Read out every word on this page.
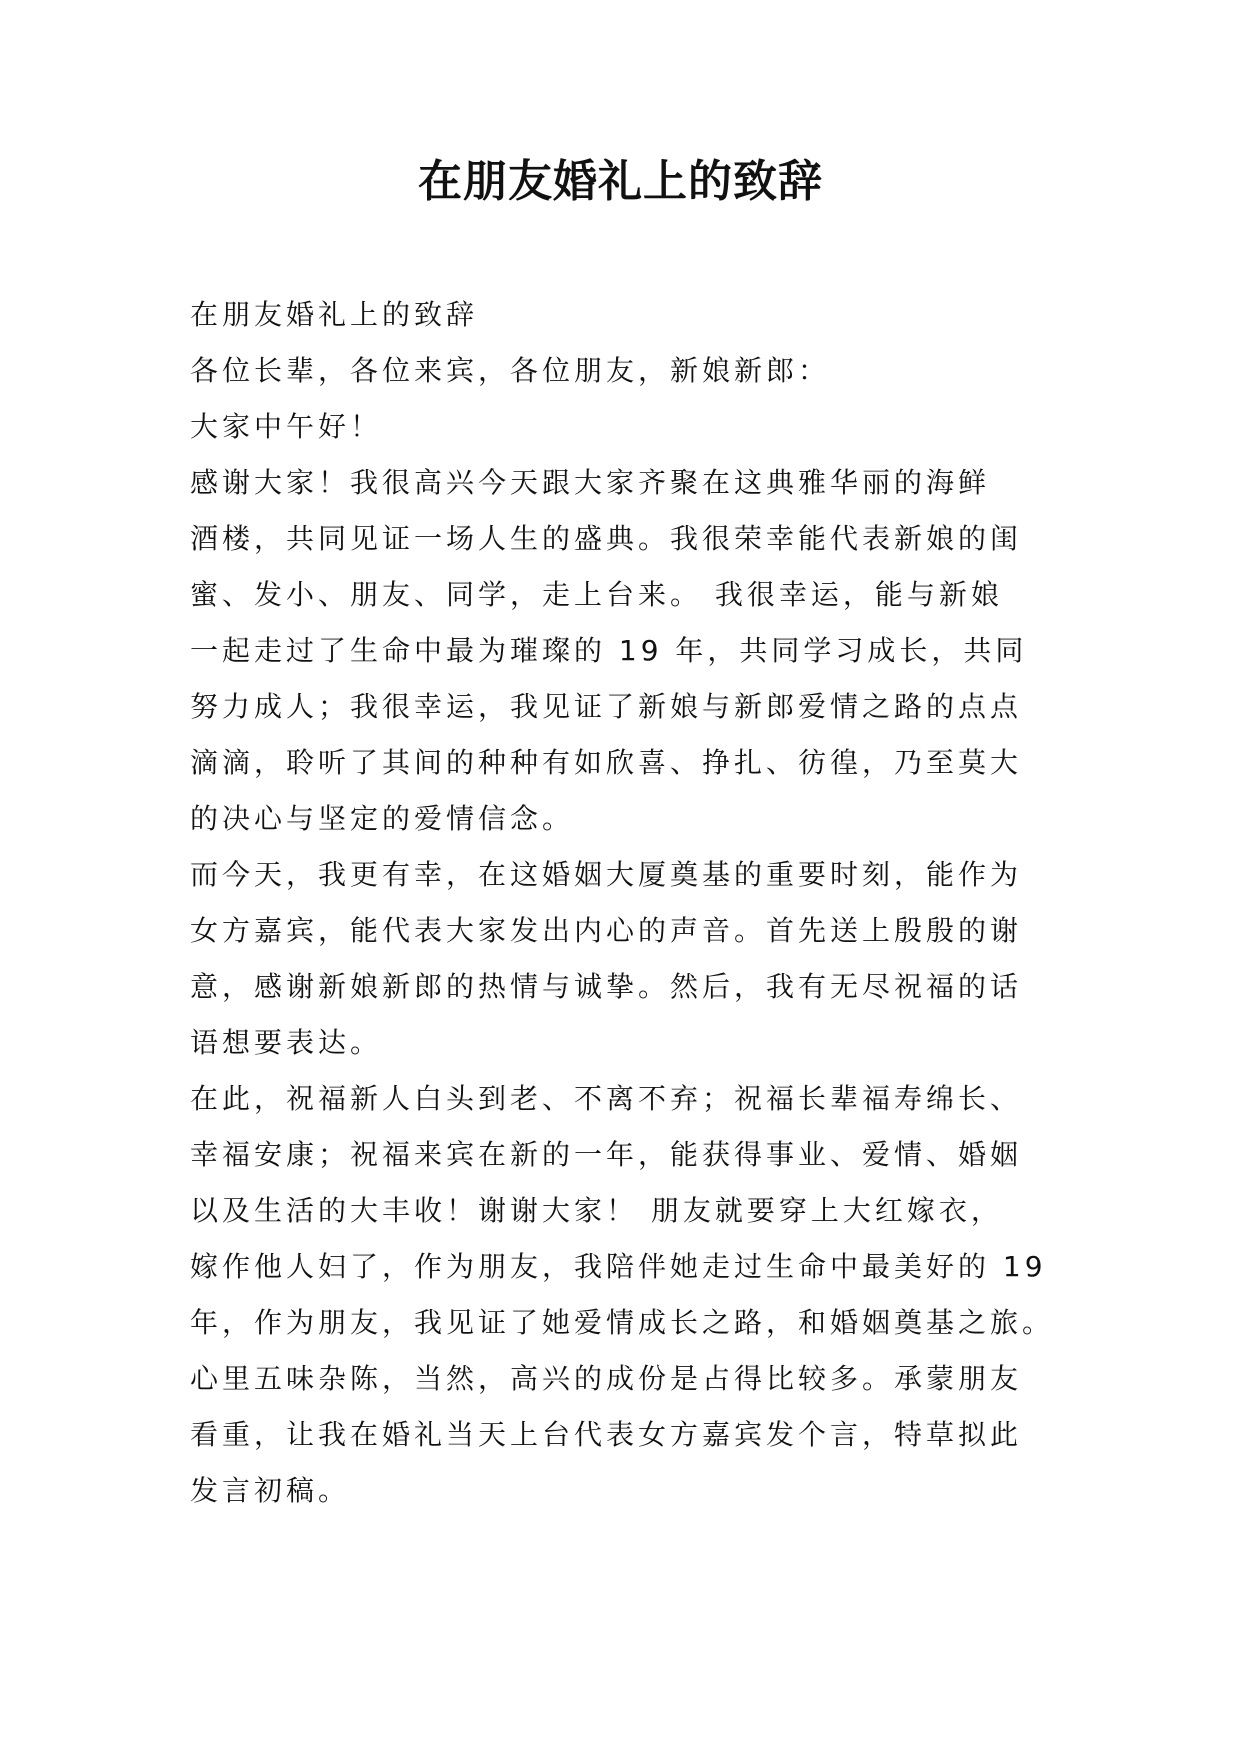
在朋友婚礼上的致辞
在朋友婚礼上的致辞
各位长辈，各位来宾，各位朋友，新娘新郎：
大家中午好！
感谢大家！我很高兴今天跟大家齐聚在这典雅华丽的海鲜
酒楼，共同见证一场人生的盛典。我很荣幸能代表新娘的闺
蜜、发小、朋友、同学，走上台来。 我很幸运，能与新娘
一起走过了生命中最为璀璨的 19 年，共同学习成长，共同
努力成人；我很幸运，我见证了新娘与新郎爱情之路的点点
滴滴，聆听了其间的种种有如欣喜、挣扎、彷徨，乃至莫大
的决心与坚定的爱情信念。
而今天，我更有幸，在这婚姻大厦奠基的重要时刻，能作为
女方嘉宾，能代表大家发出内心的声音。首先送上殷殷的谢
意，感谢新娘新郎的热情与诚挚。然后，我有无尽祝福的话
语想要表达。
在此，祝福新人白头到老、不离不弃；祝福长辈福寿绵长、
幸福安康；祝福来宾在新的一年，能获得事业、爱情、婚姻
以及生活的大丰收！谢谢大家！ 朋友就要穿上大红嫁衣，
嫁作他人妇了，作为朋友，我陪伴她走过生命中最美好的 19
年，作为朋友，我见证了她爱情成长之路，和婚姻奠基之旅。
心里五味杂陈，当然，高兴的成份是占得比较多。承蒙朋友
看重，让我在婚礼当天上台代表女方嘉宾发个言，特草拟此
发言初稿。
